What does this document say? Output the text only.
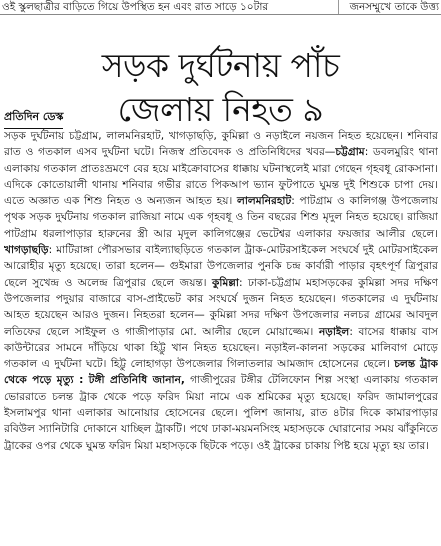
ওই স্কুলছাত্রীর বাড়িতে গিয়ে উপস্থিত হন এবং রাত সাড়ে ১০টার	জনসম্মুখে তাকে উত্ত্য
সড়ক দুর্ঘটনায় পাঁচ
জেলায় নিহত ৯
প্রতিদিন ডেস্ক
সড়ক দুর্ঘটনায় চট্টগ্রাম, লালমনিরহাট, খাগড়াছড়ি, কুমিল্লা ও নড়াইলে নয়জন নিহত হয়েছেন। শনিবার রাত ও গতকাল এসব দুর্ঘটনা ঘটে। নিজস্ব প্রতিবেদক ও প্রতিনিধিদের খবর—চট্টগ্রাম: ডবলমুরিং থানা এলাকায় গতকাল প্রাতঃভ্রমণে বের হয়ে মাইক্রোবাসের ধাক্কায় ঘটনাস্থলেই মারা গেছেন গৃহবধূ রোকসানা। এদিকে কোতোয়ালী থানায় শনিবার গভীর রাতে পিকআপ ভ্যান ফুটপাতে ঘুমন্ত দুই শিশুকে চাপা দেয়। এতে অজ্ঞাত এক শিশু নিহত ও অন্যজন আহত হয়। লালমনিরহাট: পাটগ্রাম ও কালিগঞ্জ উপজেলায় পৃথক সড়ক দুর্ঘটনায় গতকাল রাজিয়া নামে এক গৃহবধূ ও তিন বছরের শিশু মৃদুল নিহত হয়েছে। রাজিয়া পাটগ্রাম ধরলাপাড়ার হারুনের স্ত্রী আর মৃদুল কালিগঞ্জের ভেটেশ্বর এলাকার ফয়জার আলীর ছেলে। খাগড়াছড়ি: মাটিরাঙ্গা পৌরসভার বাইল্যাছড়িতে গতকাল ট্রাক-মোটরসাইকেল সংঘর্ষে দুই মোটরসাইকেল আরোহীর মৃত্যু হয়েছে। তারা হলেন— গুইমারা উপজেলার পুনকি চন্দ্র কার্বারী পাড়ার বৃহৎপূর্ণ ত্রিপুরার ছেলে সুখেন্দ্র ও অলেন্দ্র ত্রিপুরার ছেলে জয়ন্ত। কুমিল্লা: ঢাকা-চট্টগ্রাম মহাসড়কের কুমিল্লা সদর দক্ষিণ উপজেলার পদুয়ার বাজারে বাস-প্রাইভেট কার সংঘর্ষে দুজন নিহত হয়েছেন। গতকালের এ দুর্ঘটনায় আহত হয়েছেন আরও দুজন। নিহতরা হলেন— কুমিল্লা সদর দক্ষিণ উপজেলার নলচর গ্রামের আবদুল লতিফের ছেলে সাইফুল ও গাজীপাড়ার মো. আলীর ছেলে মোয়াজ্জেম। নড়াইল: বাসের ধাক্কায় বাস কাউন্টারের সামনে দাঁড়িয়ে থাকা হিট্টু খান নিহত হয়েছেন। নড়াইল-কালনা সড়কের মালিবাগ মোড়ে গতকাল এ দুর্ঘটনা ঘটে। হিট্টু লোহাগড়া উপজেলার গিলাতলার আমজাদ হোসেনের ছেলে। চলন্ত ট্রাক থেকে পড়ে মৃত্যু : টঙ্গী প্রতিনিধি জানান, গাজীপুরের টঙ্গীর টেলিফোন শিল্প সংস্থা এলাকায় গতকাল ভোররাতে চলন্ত ট্রাক থেকে পড়ে ফরিদ মিয়া নামে এক শ্রমিকের মৃত্যু হয়েছে। ফরিদ জামালপুরের ইসলামপুর থানা এলাকার আনোয়ার হোসেনের ছেলে। পুলিশ জানায়, রাত ৪টার দিকে কামারপাড়ার রবিউল স্যানিটারি দোকানে যাচ্ছিল ট্রাকটি। পথে ঢাকা-ময়মনসিংহ মহাসড়কে ঘোরানোর সময় ঝাঁকুনিতে ট্রাকের ওপর থেকে ঘুমন্ত ফরিদ মিয়া মহাসড়কে ছিটকে পড়ে। ওই ট্রাকের চাকায় পিষ্ট হয়ে মৃত্যু হয় তার।
